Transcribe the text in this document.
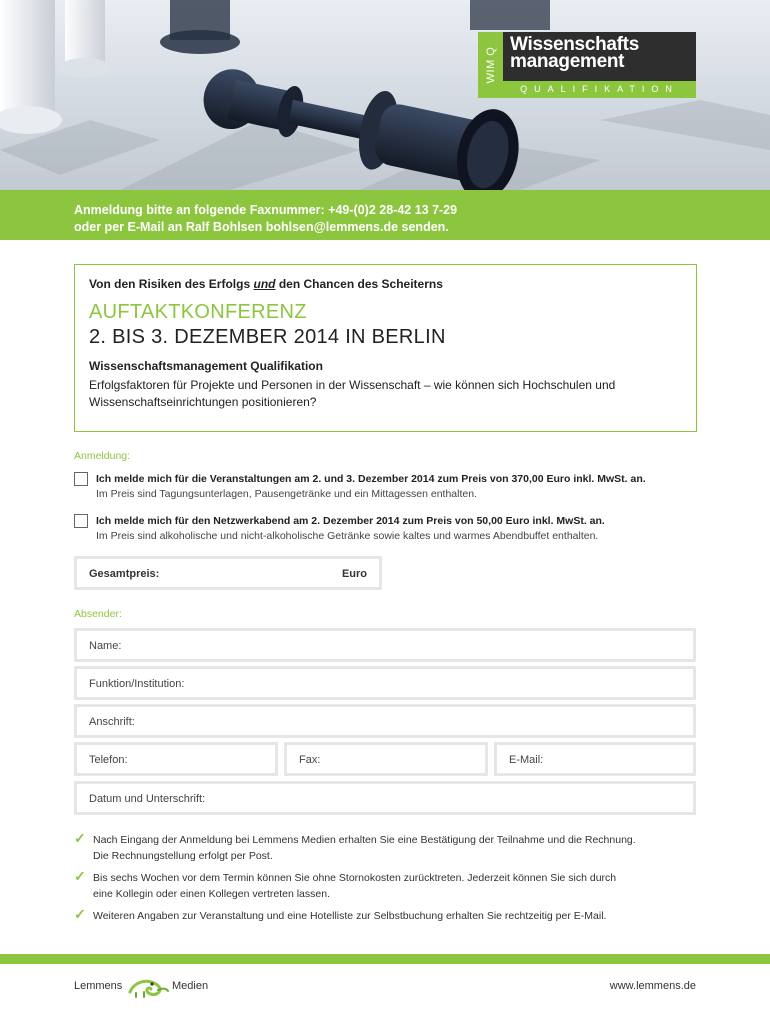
WIM Q
Wissenschafts
management
QUALIFIKATION

Anmeldung bitte an folgende Faxnummer: +49-(0)2 28-42 13 7-29

oder per E-Mail an Ralf Bohlsen bohlsen@lemmens.de senden.

Von den Risiken des Erfolgs und den Chancen des Scheiterns
AUFTAKTKONFERENZ
2. BIS 3. DEZEMBER 2014 IN BERLIN
Wissenschaftsmanagement Qualifikation
Erfolgsfaktoren für Projekte und Personen in der Wissenschaft – wie können sich Hochschulen und Wissenschaftseinrichtungen positionieren?
Anmeldung:
Ich melde mich für die Veranstaltungen am 2. und 3. Dezember 2014 zum Preis von 370,00 Euro inkl. MwSt. an.
Im Preis sind Tagungsunterlagen, Pausengetränke und ein Mittagessen enthalten.
Ich melde mich für den Netzwerkabend am 2. Dezember 2014 zum Preis von 50,00 Euro inkl. MwSt. an.
Im Preis sind alkoholische und nicht-alkoholische Getränke sowie kaltes und warmes Abendbuffet enthalten.
Gesamtpreis:	Euro
Absender:
Name:
Funktion/Institution:
Anschrift:
Telefon:	Fax:	E-Mail:
Datum und Unterschrift:
✓ Nach Eingang der Anmeldung bei Lemmens Medien erhalten Sie eine Bestätigung der Teilnahme und die Rechnung.
Die Rechnungstellung erfolgt per Post.
✓ Bis sechs Wochen vor dem Termin können Sie ohne Stornokosten zurücktreten. Jederzeit können Sie sich durch
eine Kollegin oder einen Kollegen vertreten lassen.
✓ Weiteren Angaben zur Veranstaltung und eine Hotelliste zur Selbstbuchung erhalten Sie rechtzeitig per E-Mail.
Lemmens	Medien	www.lemmens.de
